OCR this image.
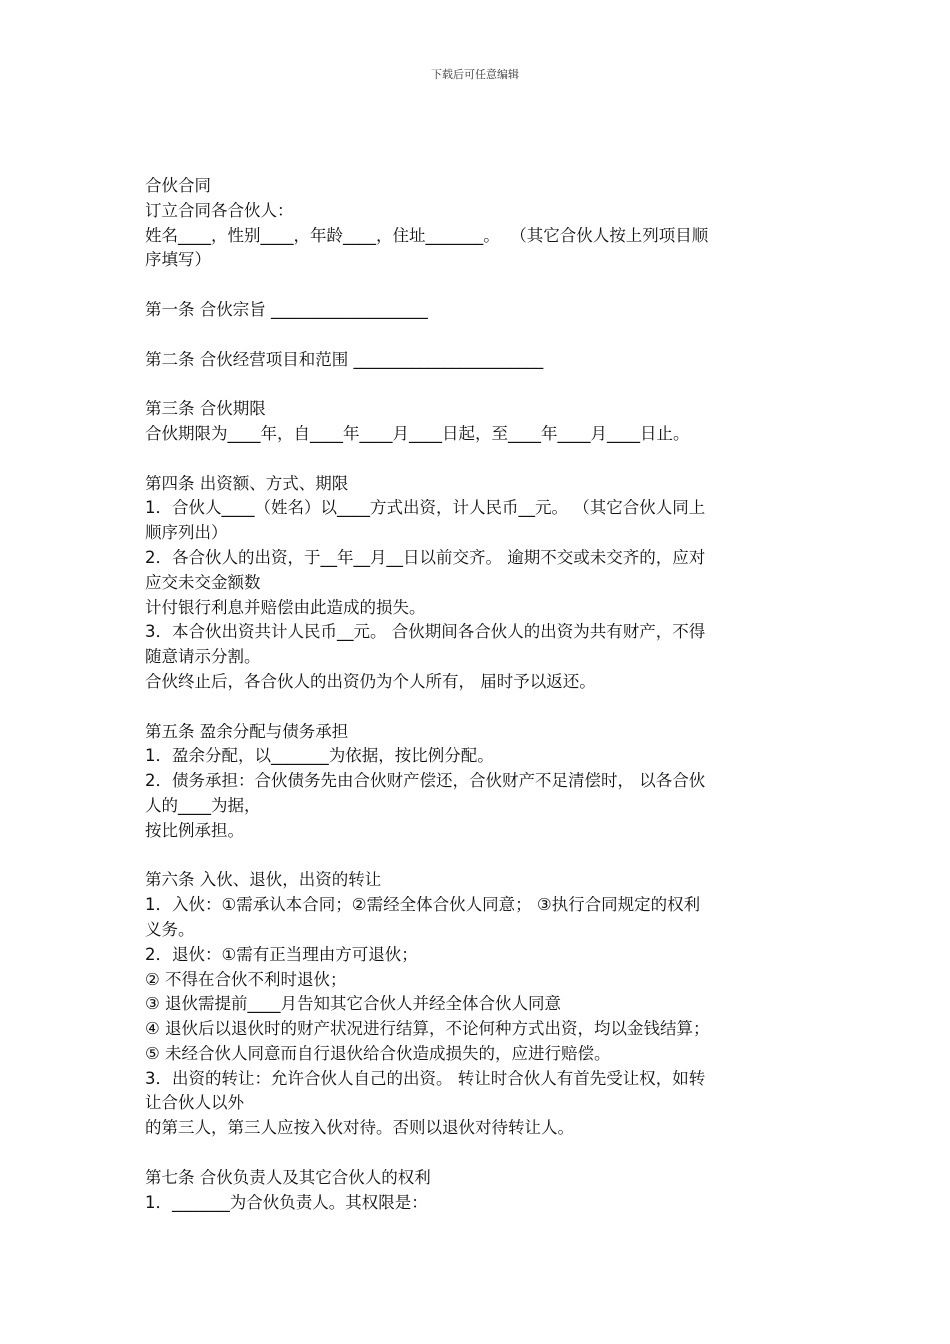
下载后可任意编辑

合伙合同

订立合同各合伙人：

姓名____，性别____，年龄____，住址_______。  （其它合伙人按上列项目顺

序填写）

第一条 合伙宗旨 ___________________

第二条 合伙经营项目和范围 _______________________

第三条 合伙期限

合伙期限为____年，自____年____月____日起，至____年____月____日止。

第四条 出资额、方式、期限

1．合伙人____（姓名）以____方式出资，计人民币__元。 （其它合伙人同上

顺序列出）

2．各合伙人的出资，于__年__月__日以前交齐。 逾期不交或未交齐的，应对

应交未交金额数

计付银行利息并赔偿由此造成的损失。

3．本合伙出资共计人民币__元。 合伙期间各合伙人的出资为共有财产，不得

随意请示分割。

合伙终止后，各合伙人的出资仍为个人所有， 届时予以返还。

第五条 盈余分配与债务承担

1．盈余分配，以_______为依据，按比例分配。

2．债务承担：合伙债务先由合伙财产偿还，合伙财产不足清偿时， 以各合伙

人的____为据，

按比例承担。

第六条 入伙、退伙，出资的转让

1．入伙：①需承认本合同；②需经全体合伙人同意； ③执行合同规定的权利

义务。

2．退伙：①需有正当理由方可退伙；

② 不得在合伙不利时退伙；

③ 退伙需提前____月告知其它合伙人并经全体合伙人同意

④ 退伙后以退伙时的财产状况进行结算，不论何种方式出资，均以金钱结算；

⑤ 未经合伙人同意而自行退伙给合伙造成损失的，应进行赔偿。

3．出资的转让：允许合伙人自己的出资。 转让时合伙人有首先受让权，如转

让合伙人以外

的第三人，第三人应按入伙对待。否则以退伙对待转让人。

第七条 合伙负责人及其它合伙人的权利

1．_______为合伙负责人。其权限是：
